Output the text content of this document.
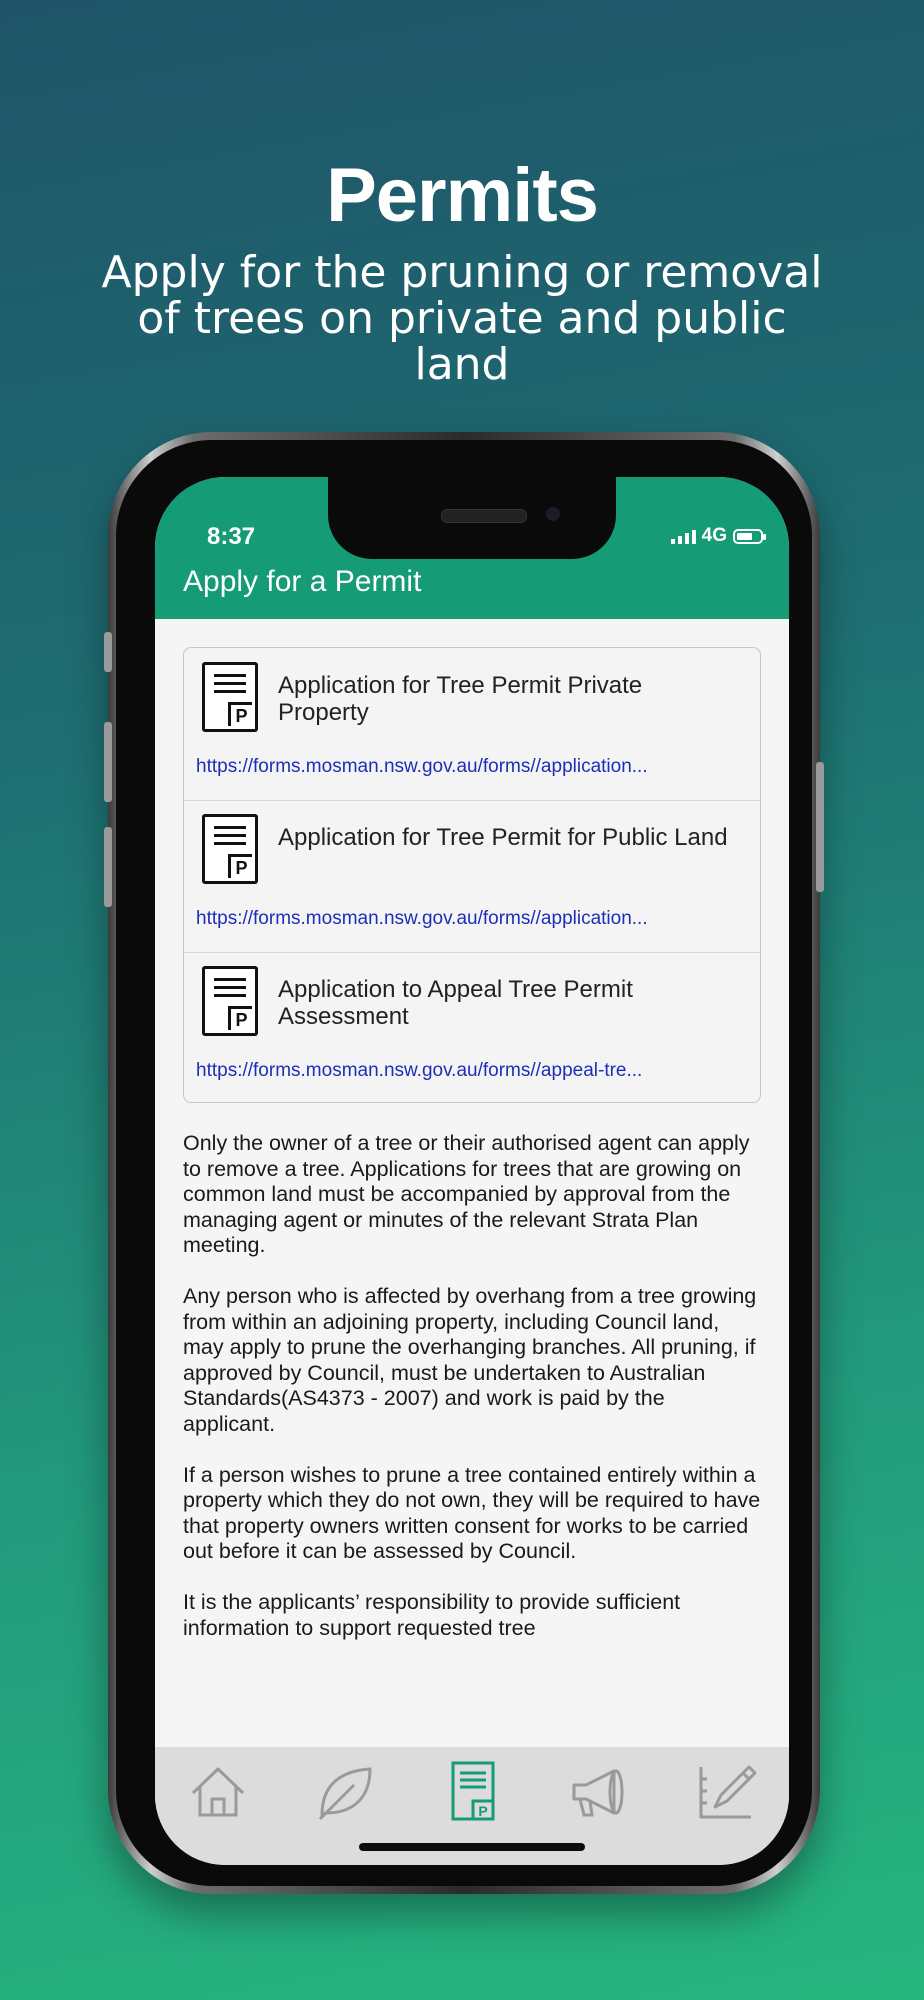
Permits
Apply for the pruning or removal of trees on private and public land
8:37	4G
Apply for a Permit
P
Application for Tree Permit Private Property
https://forms.mosman.nsw.gov.au/forms//application...
P
Application for Tree Permit for Public Land
https://forms.mosman.nsw.gov.au/forms//application...
P
Application to Appeal Tree Permit Assessment
https://forms.mosman.nsw.gov.au/forms//appeal-tre...

Only the owner of a tree or their authorised agent can apply to remove a tree. Applications for trees that are growing on common land must be accompanied by approval from the managing agent or minutes of the relevant Strata Plan meeting.

Any person who is affected by overhang from a tree growing from within an adjoining property, including Council land, may apply to prune the overhanging branches. All pruning, if approved by Council, must be undertaken to Australian Standards(AS4373 - 2007) and work is paid by the applicant.

If a person wishes to prune a tree contained entirely within a property which they do not own, they will be required to have that property owners written consent for works to be carried out before it can be assessed by Council.

It is the applicants’ responsibility to provide sufficient information to support requested tree

P
